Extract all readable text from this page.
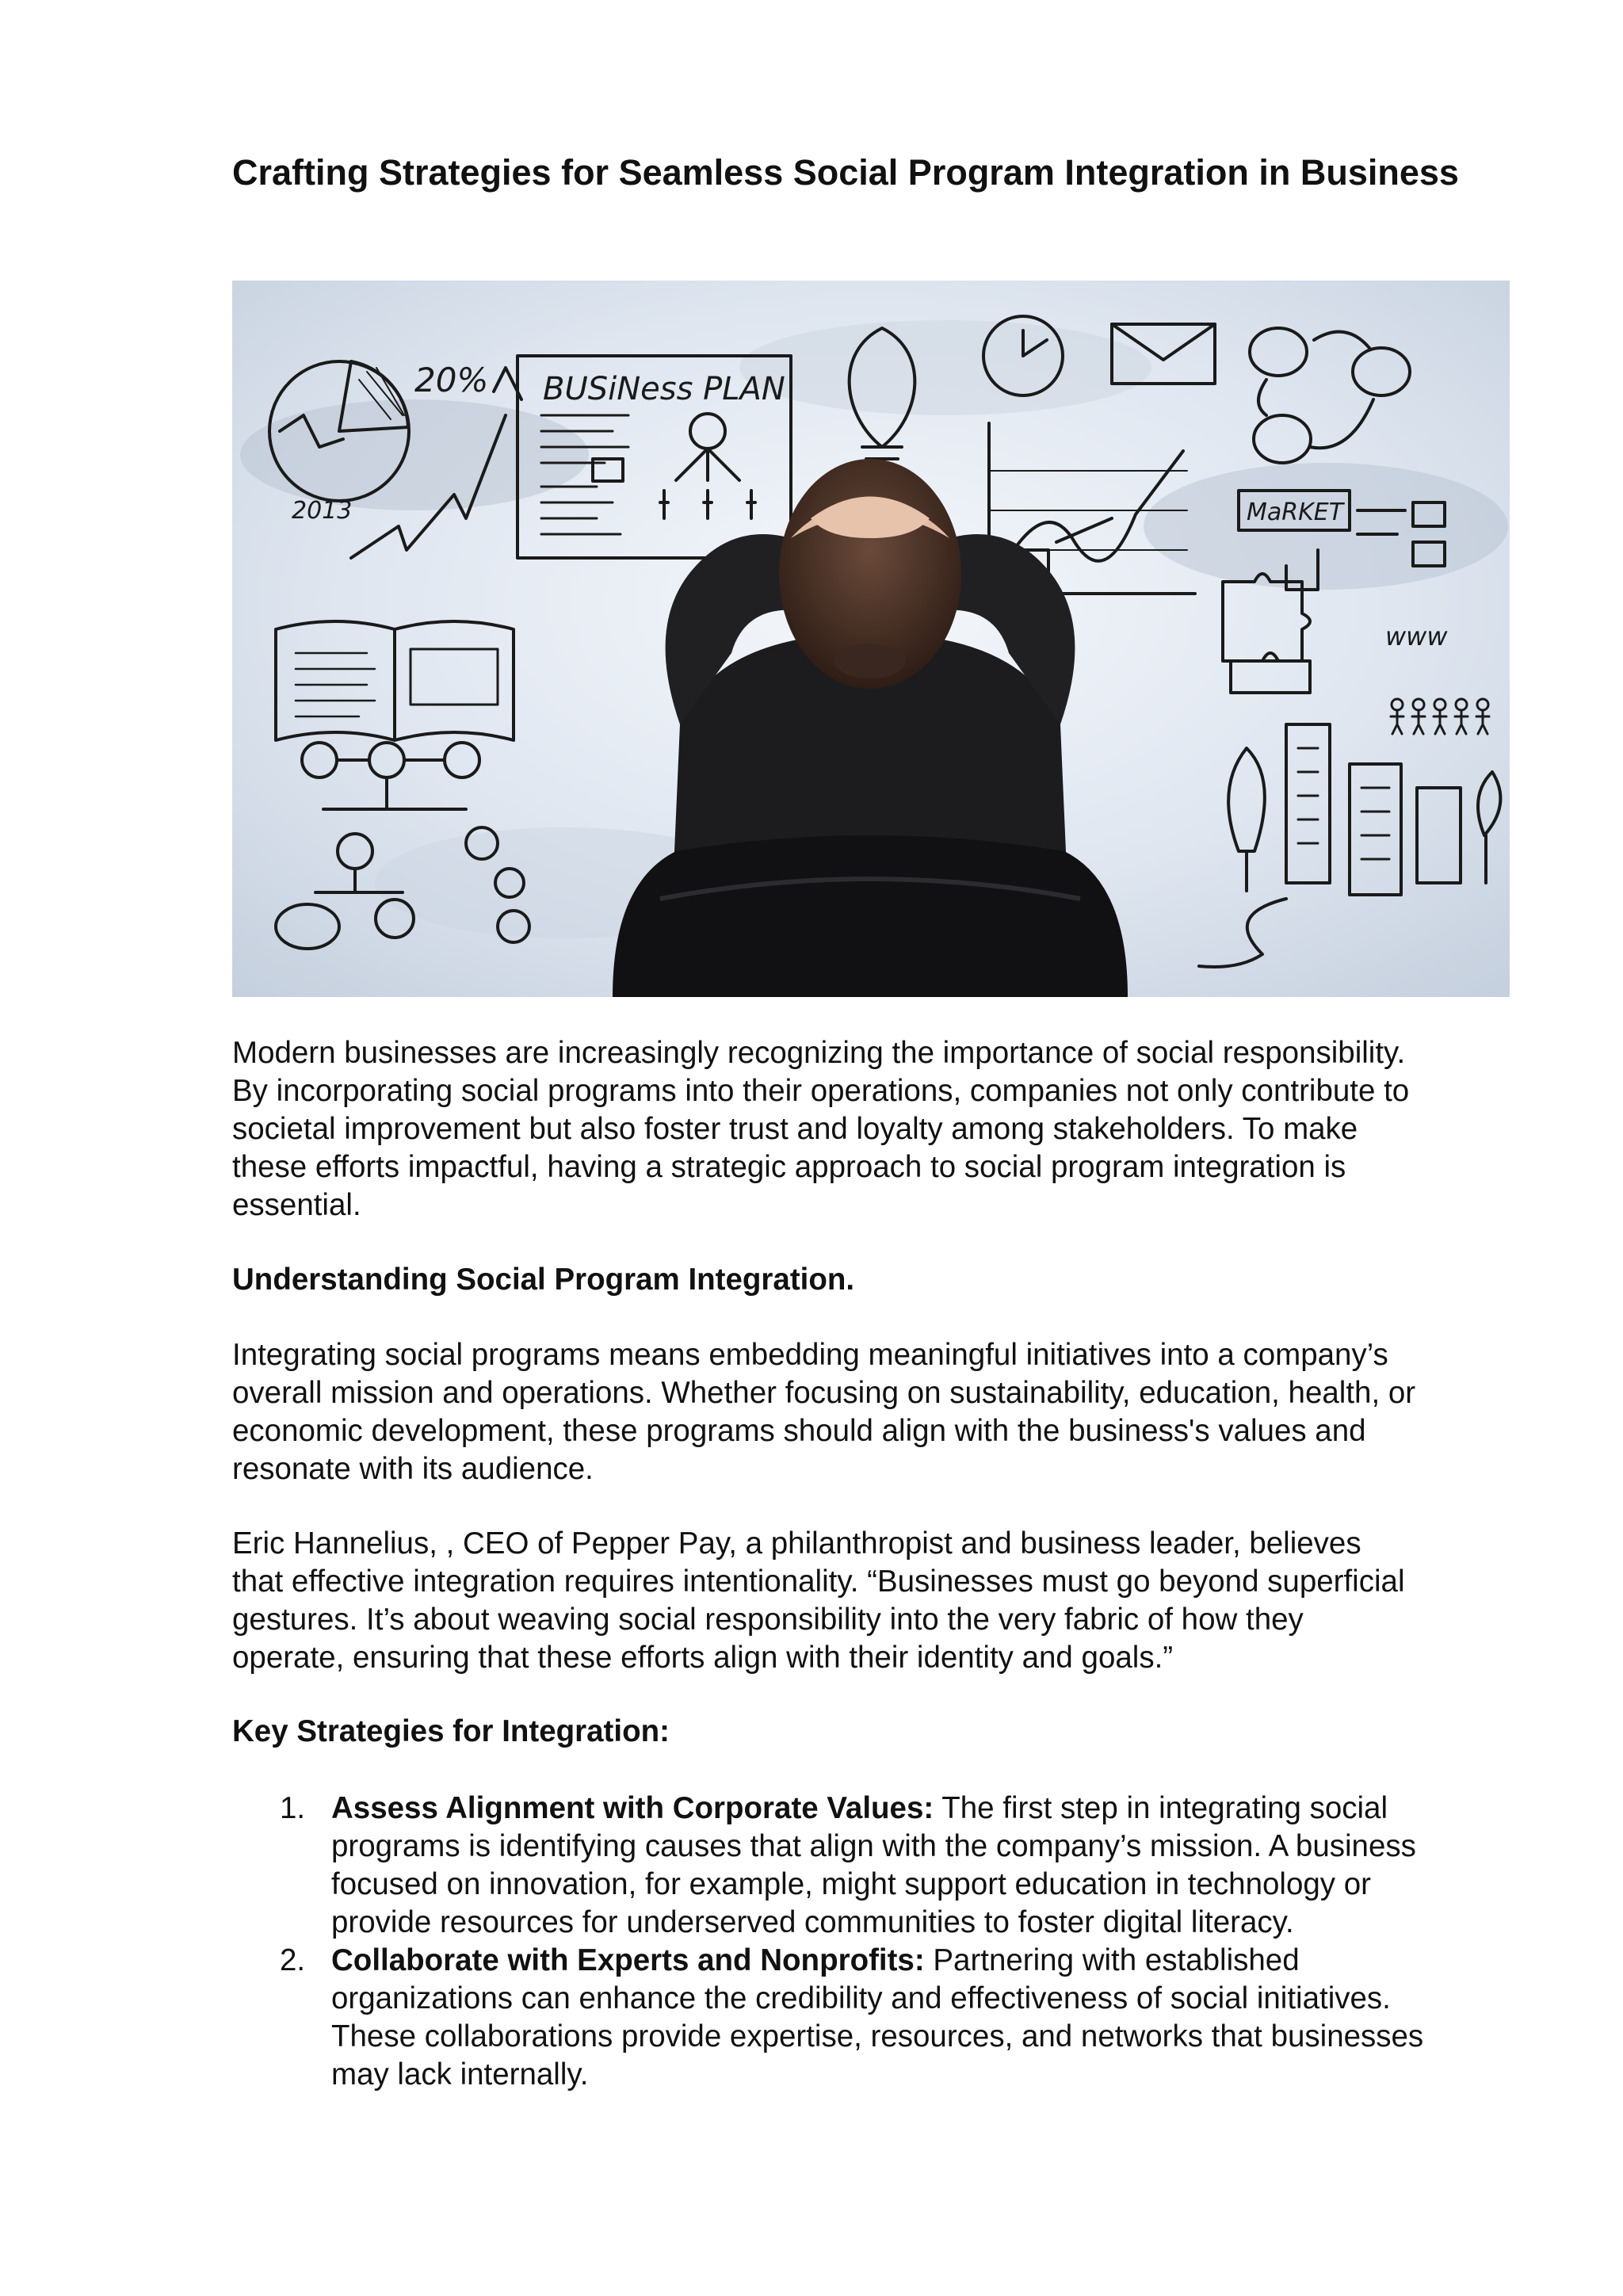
Crafting Strategies for Seamless Social Program Integration in Business
20%
2013
BUSiNess PLAN
MaRKET
www

Modern businesses are increasingly recognizing the importance of social responsibility.
By incorporating social programs into their operations, companies not only contribute to
societal improvement but also foster trust and loyalty among stakeholders. To make
these efforts impactful, having a strategic approach to social program integration is
essential.

Understanding Social Program Integration.

Integrating social programs means embedding meaningful initiatives into a company’s
overall mission and operations. Whether focusing on sustainability, education, health, or
economic development, these programs should align with the business's values and
resonate with its audience.

Eric Hannelius, , CEO of Pepper Pay, a philanthropist and business leader, believes
that effective integration requires intentionality. “Businesses must go beyond superficial
gestures. It’s about weaving social responsibility into the very fabric of how they
operate, ensuring that these efforts align with their identity and goals.”

Key Strategies for Integration:
1. Assess Alignment with Corporate Values: The first step in integrating social
programs is identifying causes that align with the company’s mission. A business
focused on innovation, for example, might support education in technology or
provide resources for underserved communities to foster digital literacy.
2. Collaborate with Experts and Nonprofits: Partnering with established
organizations can enhance the credibility and effectiveness of social initiatives.
These collaborations provide expertise, resources, and networks that businesses
may lack internally.
